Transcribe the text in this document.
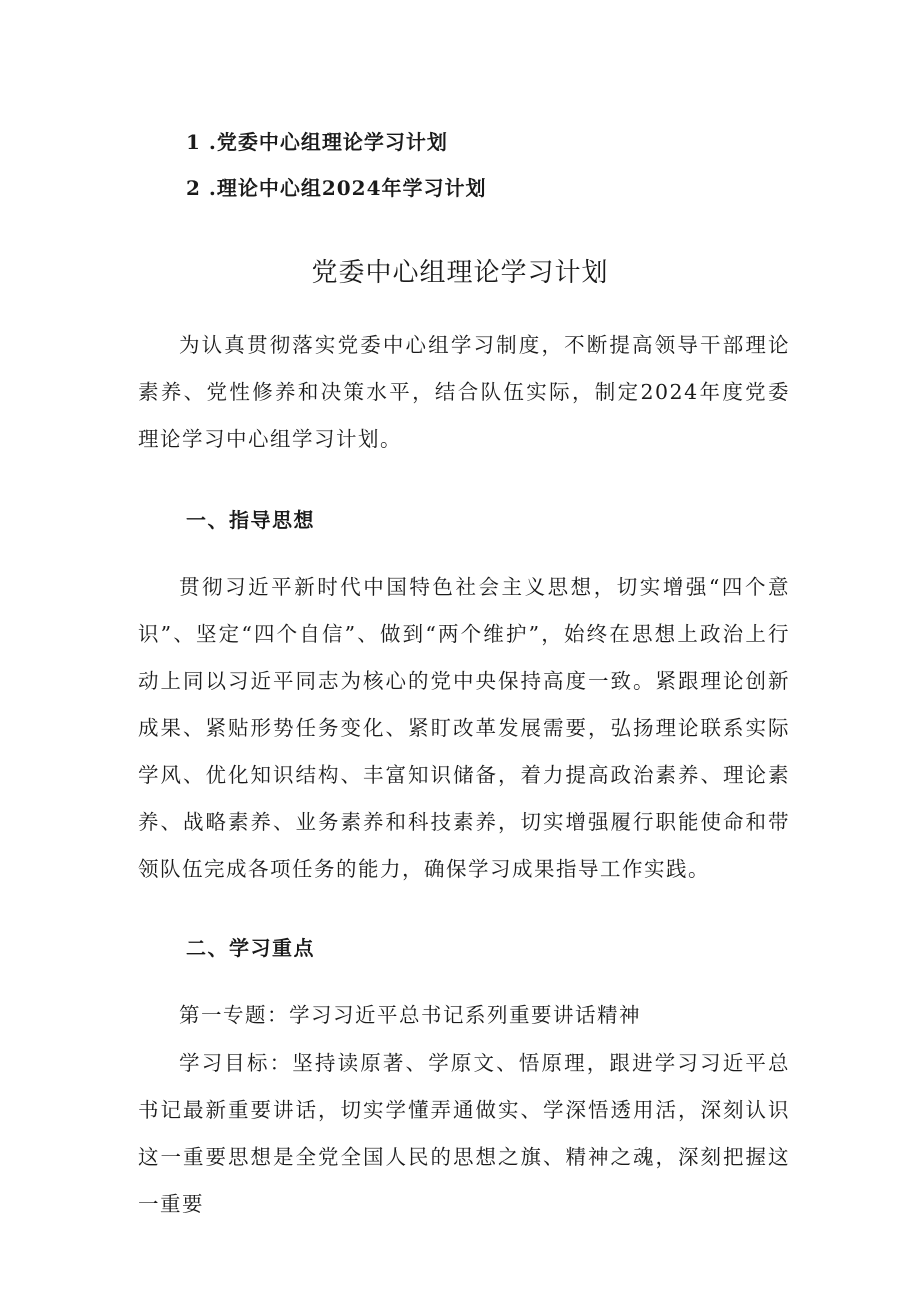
1 .党委中心组理论学习计划
2 .理论中心组2024年学习计划
党委中心组理论学习计划

为认真贯彻落实党委中心组学习制度，不断提高领导干部理论素养、党性修养和决策水平，结合队伍实际，制定2024年度党委理论学习中心组学习计划。

一、指导思想

贯彻习近平新时代中国特色社会主义思想，切实增强“四个意识”、坚定“四个自信”、做到“两个维护”，始终在思想上政治上行动上同以习近平同志为核心的党中央保持高度一致。紧跟理论创新成果、紧贴形势任务变化、紧盯改革发展需要，弘扬理论联系实际学风、优化知识结构、丰富知识储备，着力提高政治素养、理论素养、战略素养、业务素养和科技素养，切实增强履行职能使命和带领队伍完成各项任务的能力，确保学习成果指导工作实践。

二、学习重点

第一专题：学习习近平总书记系列重要讲话精神

学习目标：坚持读原著、学原文、悟原理，跟进学习习近平总书记最新重要讲话，切实学懂弄通做实、学深悟透用活，深刻认识这一重要思想是全党全国人民的思想之旗、精神之魂，深刻把握这一重要
